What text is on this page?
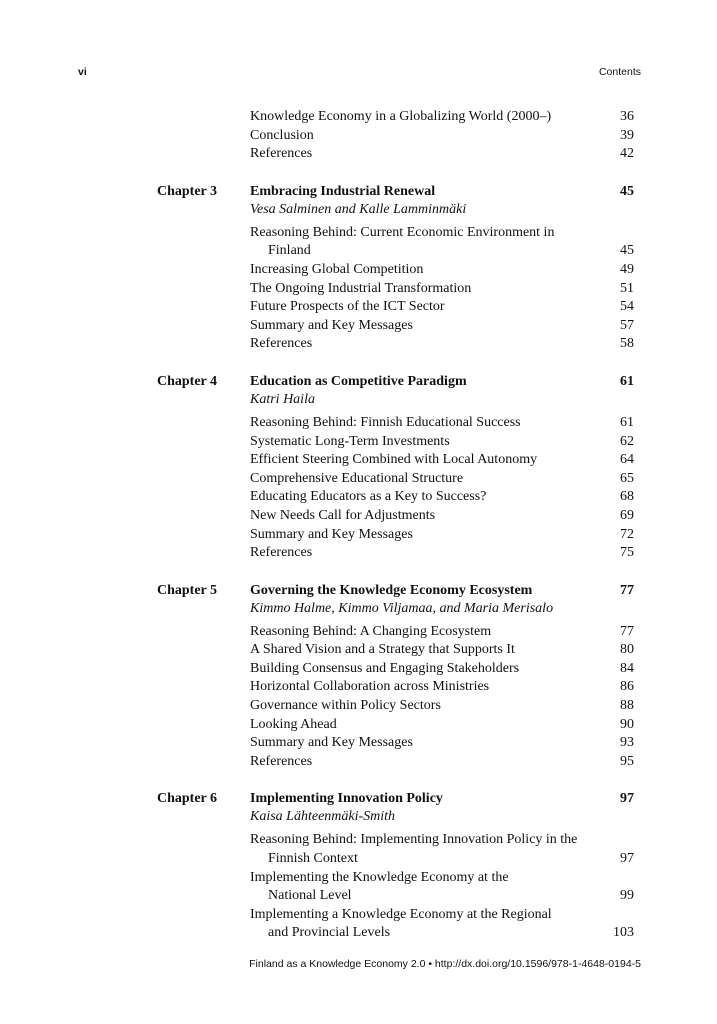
vi	Contents
Knowledge Economy in a Globalizing World (2000–)	36
Conclusion	39
References	42
Chapter 3 Embracing Industrial Renewal	45
Vesa Salminen and Kalle Lamminmäki
Reasoning Behind: Current Economic Environment in
Finland	45
Increasing Global Competition	49
The Ongoing Industrial Transformation	51
Future Prospects of the ICT Sector	54
Summary and Key Messages	57
References	58
Chapter 4 Education as Competitive Paradigm	61
Katri Haila
Reasoning Behind: Finnish Educational Success	61
Systematic Long-Term Investments	62
Efficient Steering Combined with Local Autonomy	64
Comprehensive Educational Structure	65
Educating Educators as a Key to Success?	68
New Needs Call for Adjustments	69
Summary and Key Messages	72
References	75
Chapter 5 Governing the Knowledge Economy Ecosystem	77
Kimmo Halme, Kimmo Viljamaa, and Maria Merisalo
Reasoning Behind: A Changing Ecosystem	77
A Shared Vision and a Strategy that Supports It	80
Building Consensus and Engaging Stakeholders	84
Horizontal Collaboration across Ministries	86
Governance within Policy Sectors	88
Looking Ahead	90
Summary and Key Messages	93
References	95
Chapter 6 Implementing Innovation Policy	97
Kaisa Lähteenmäki-Smith
Reasoning Behind: Implementing Innovation Policy in the
Finnish Context	97
Implementing the Knowledge Economy at the
National Level	99
Implementing a Knowledge Economy at the Regional
and Provincial Levels	103
Finland as a Knowledge Economy 2.0 • http://dx.doi.org/10.1596/978-1-4648-0194-5
